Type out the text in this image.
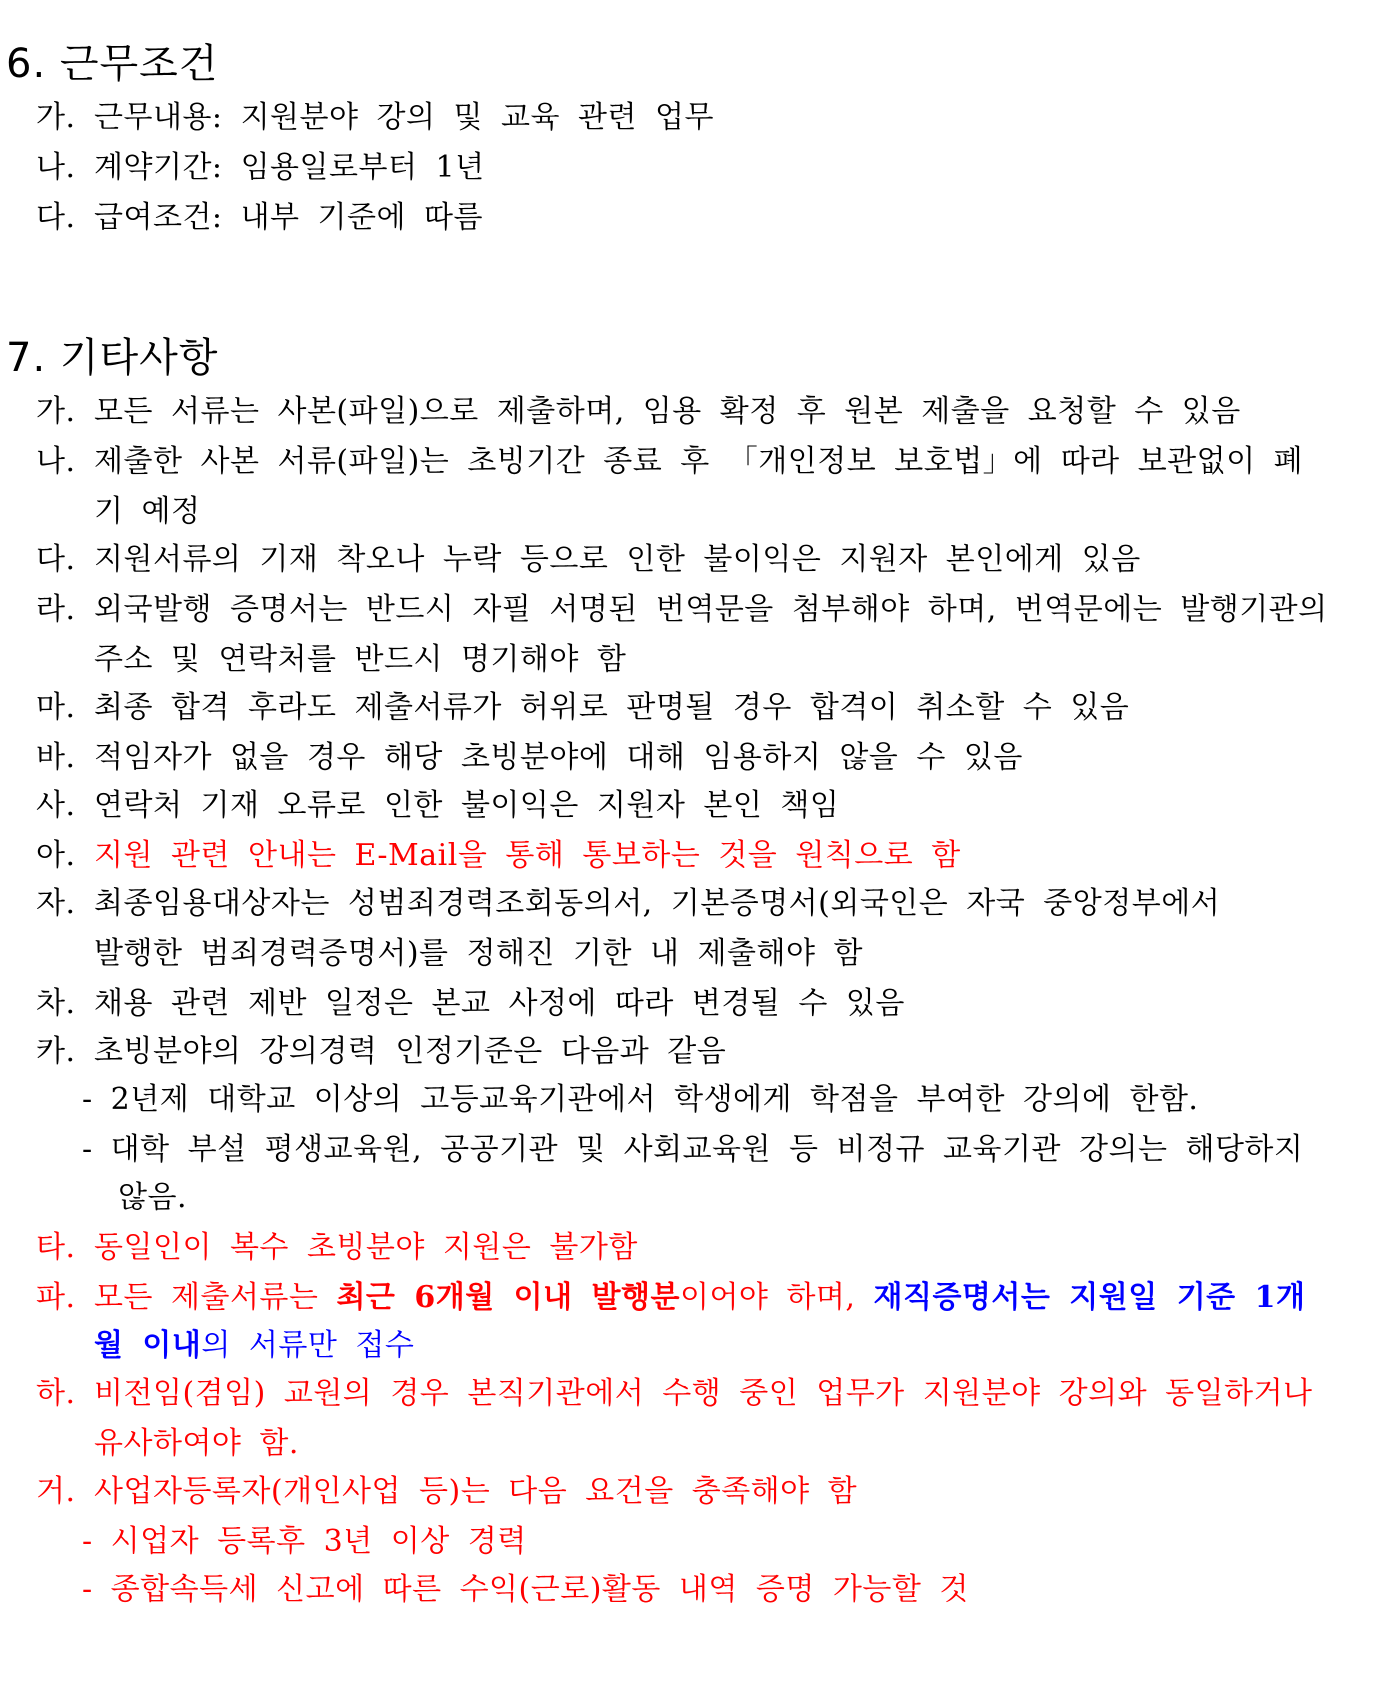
6. 근무조건
가. 근무내용: 지원분야 강의 및 교육 관련 업무
나. 계약기간: 임용일로부터 1년
다. 급여조건: 내부 기준에 따름
7. 기타사항
가. 모든 서류는 사본(파일)으로 제출하며, 임용 확정 후 원본 제출을 요청할 수 있음
나. 제출한 사본 서류(파일)는 초빙기간 종료 후 「개인정보 보호법」에 따라 보관없이 폐
기 예정
다. 지원서류의 기재 착오나 누락 등으로 인한 불이익은 지원자 본인에게 있음
라. 외국발행 증명서는 반드시 자필 서명된 번역문을 첨부해야 하며, 번역문에는 발행기관의
주소 및 연락처를 반드시 명기해야 함
마. 최종 합격 후라도 제출서류가 허위로 판명될 경우 합격이 취소할 수 있음
바. 적임자가 없을 경우 해당 초빙분야에 대해 임용하지 않을 수 있음
사. 연락처 기재 오류로 인한 불이익은 지원자 본인 책임
아. 지원 관련 안내는 E-Mail을 통해 통보하는 것을 원칙으로 함
자. 최종임용대상자는 성범죄경력조회동의서, 기본증명서(외국인은 자국 중앙정부에서
발행한 범죄경력증명서)를 정해진 기한 내 제출해야 함
차. 채용 관련 제반 일정은 본교 사정에 따라 변경될 수 있음
카. 초빙분야의 강의경력 인정기준은 다음과 같음
- 2년제 대학교 이상의 고등교육기관에서 학생에게 학점을 부여한 강의에 한함.
- 대학 부설 평생교육원, 공공기관 및 사회교육원 등 비정규 교육기관 강의는 해당하지
않음.
타. 동일인이 복수 초빙분야 지원은 불가함
파. 모든 제출서류는 최근 6개월 이내 발행분이어야 하며, 재직증명서는 지원일 기준 1개
월 이내의 서류만 접수
하. 비전임(겸임) 교원의 경우 본직기관에서 수행 중인 업무가 지원분야 강의와 동일하거나
유사하여야 함.
거. 사업자등록자(개인사업 등)는 다음 요건을 충족해야 함
- 시업자 등록후 3년 이상 경력
- 종합속득세 신고에 따른 수익(근로)활동 내역 증명 가능할 것
